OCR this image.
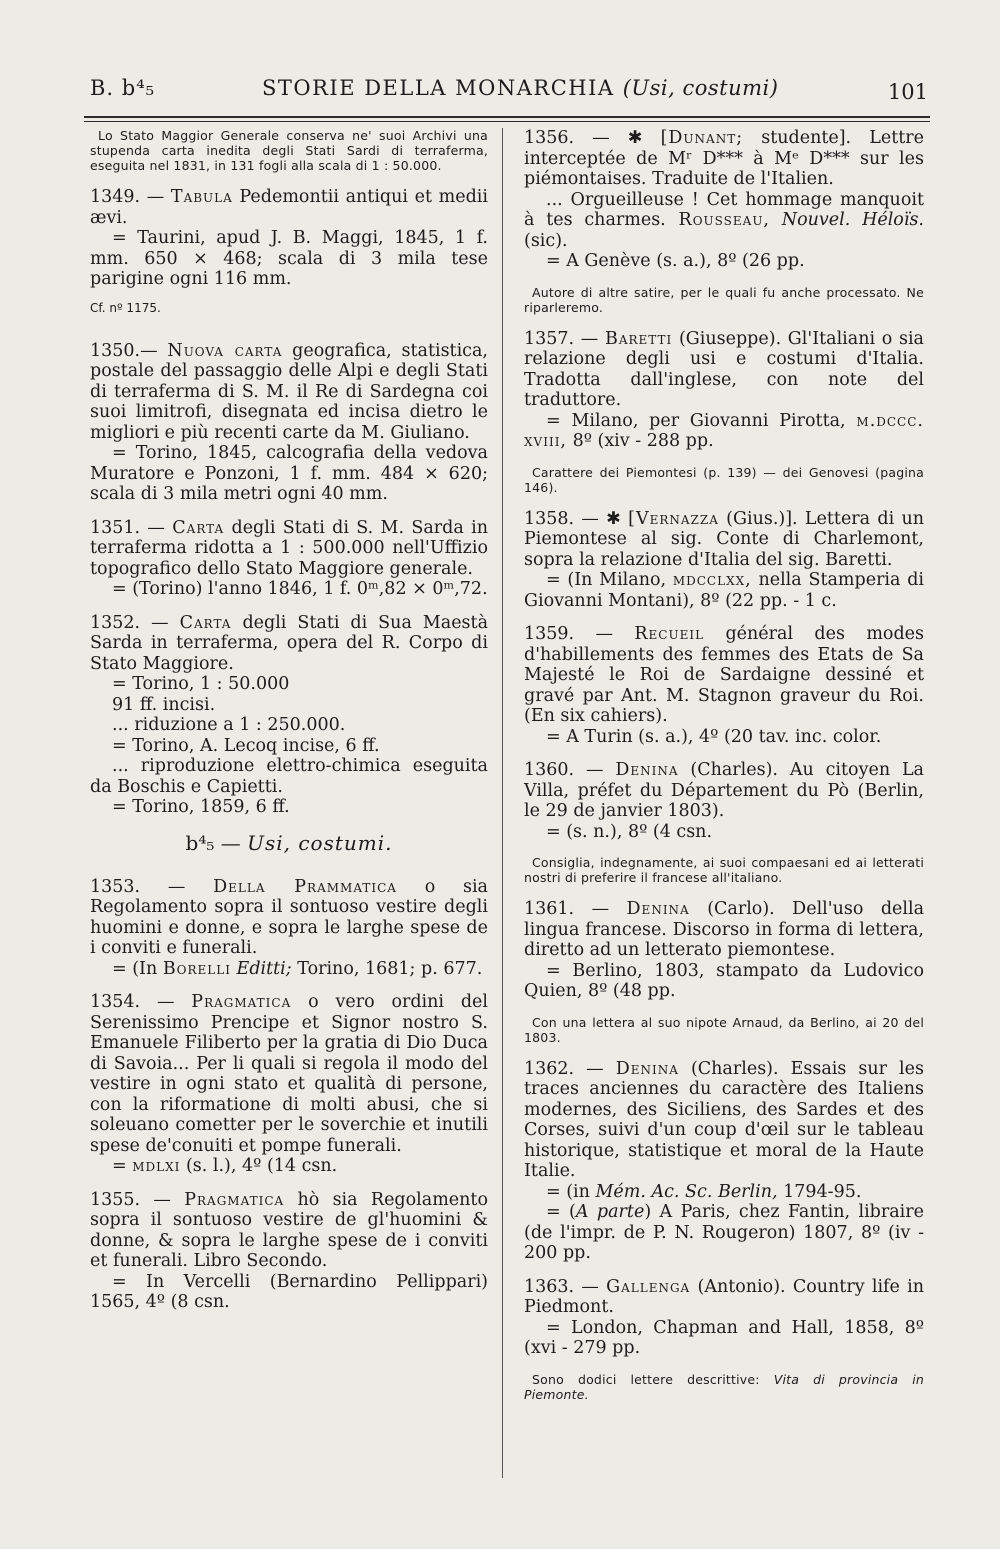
B. b⁴₅	STORIE DELLA MONARCHIA (Usi, costumi)	101

Lo Stato Maggior Generale conserva ne' suoi Archivi una stupenda carta inedita degli Stati Sardi di terraferma, eseguita nel 1831, in 131 fogli alla scala di 1 : 50.000.

1349. — Tabula Pedemontii antiqui et medii ævi.
= Taurini, apud J. B. Maggi, 1845, 1 f. mm. 650 × 468; scala di 3 mila tese parigine ogni 116 mm.
Cf. nº 1175.
1350.— Nuova carta geografica, statistica, postale del passaggio delle Alpi e degli Stati di terraferma di S. M. il Re di Sardegna coi suoi limitrofi, disegnata ed incisa dietro le migliori e più recenti carte da M. Giuliano.
= Torino, 1845, calcografia della vedova Muratore e Ponzoni, 1 f. mm. 484 × 620; scala di 3 mila metri ogni 40 mm.
1351. — Carta degli Stati di S. M. Sarda in terraferma ridotta a 1 : 500.000 nell'Uffizio topografico dello Stato Maggiore generale.
= (Torino) l'anno 1846, 1 f. 0ᵐ,82 × 0ᵐ,72.
1352. — Carta degli Stati di Sua Maestà Sarda in terraferma, opera del R. Corpo di Stato Maggiore.
= Torino, 1 : 50.000
91 ff. incisi.
... riduzione a 1 : 250.000.
= Torino, A. Lecoq incise, 6 ff.
... riproduzione elettro-chimica eseguita da Boschis e Capietti.
= Torino, 1859, 6 ff.
b⁴₅ — Usi, costumi.
1353. — Della Prammatica o sia Regolamento sopra il sontuoso vestire degli huomini e donne, e sopra le larghe spese de i conviti e funerali.
= (In Borelli Editti; Torino, 1681; p. 677.
1354. — Pragmatica o vero ordini del Serenissimo Prencipe et Signor nostro S. Emanuele Filiberto per la gratia di Dio Duca di Savoia... Per li quali si regola il modo del vestire in ogni stato et qualità di persone, con la riformatione di molti abusi, che si soleuano cometter per le soverchie et inutili spese de'conuiti et pompe funerali.
= mdlxi (s. l.), 4º (14 csn.
1355. — Pragmatica hò sia Regolamento sopra il sontuoso vestire de gl'huomini & donne, & sopra le larghe spese de i conviti et funerali. Libro Secondo.
= In Vercelli (Bernardino Pellippari) 1565, 4º (8 csn.
1356. — ✱ [Dunant; studente]. Lettre interceptée de Mʳ D*** à Mᵉ D*** sur les piémontaises. Traduite de l'Italien.
... Orgueilleuse ! Cet hommage manquoit à tes charmes. Rousseau, Nouvel. Héloïs. (sic).
= A Genève (s. a.), 8º (26 pp.

Autore di altre satire, per le quali fu anche processato. Ne riparleremo.

1357. — Baretti (Giuseppe). Gl'Italiani o sia relazione degli usi e costumi d'Italia. Tradotta dall'inglese, con note del traduttore.
= Milano, per Giovanni Pirotta, m.dccc. xviii, 8º (xiv - 288 pp.

Carattere dei Piemontesi (p. 139) — dei Genovesi (pagina 146).

1358. — ✱ [Vernazza (Gius.)]. Lettera di un Piemontese al sig. Conte di Charlemont, sopra la relazione d'Italia del sig. Baretti.
= (In Milano, mdcclxx, nella Stamperia di Giovanni Montani), 8º (22 pp. - 1 c.
1359. — Recueil général des modes d'habillements des femmes des Etats de Sa Majesté le Roi de Sardaigne dessiné et gravé par Ant. M. Stagnon graveur du Roi. (En six cahiers).
= A Turin (s. a.), 4º (20 tav. inc. color.
1360. — Denina (Charles). Au citoyen La Villa, préfet du Département du Pò (Berlin, le 29 de janvier 1803).
= (s. n.), 8º (4 csn.

Consiglia, indegnamente, ai suoi compaesani ed ai letterati nostri di preferire il francese all'italiano.

1361. — Denina (Carlo). Dell'uso della lingua francese. Discorso in forma di lettera, diretto ad un letterato piemontese.
= Berlino, 1803, stampato da Ludovico Quien, 8º (48 pp.

Con una lettera al suo nipote Arnaud, da Berlino, ai 20 del 1803.

1362. — Denina (Charles). Essais sur les traces anciennes du caractère des Italiens modernes, des Siciliens, des Sardes et des Corses, suivi d'un coup d'œil sur le tableau historique, statistique et moral de la Haute Italie.
= (in Mém. Ac. Sc. Berlin, 1794-95.
= (A parte) A Paris, chez Fantin, libraire (de l'impr. de P. N. Rougeron) 1807, 8º (iv - 200 pp.
1363. — Gallenga (Antonio). Country life in Piedmont.
= London, Chapman and Hall, 1858, 8º (xvi - 279 pp.

Sono dodici lettere descrittive: Vita di provincia in Piemonte.
